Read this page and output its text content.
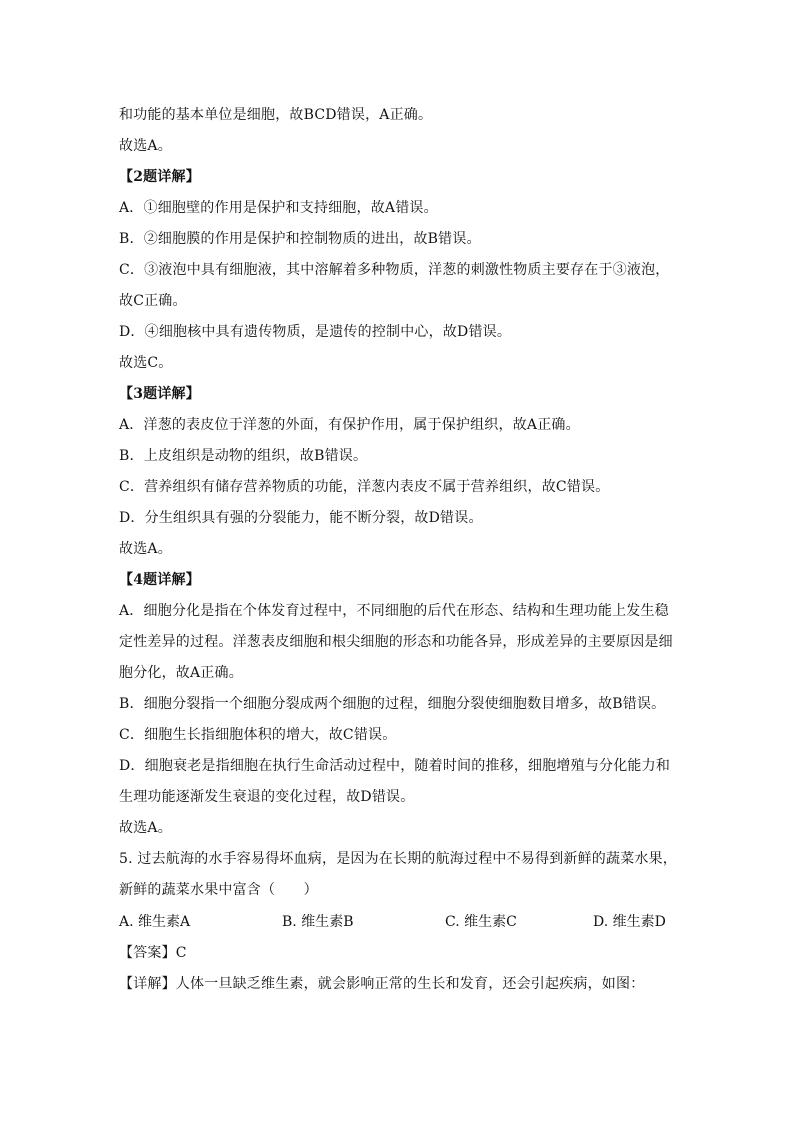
和功能的基本单位是细胞，故BCD错误，A正确。
故选A。
【2题详解】
A．①细胞壁的作用是保护和支持细胞，故A错误。
B．②细胞膜的作用是保护和控制物质的进出，故B错误。
C．③液泡中具有细胞液，其中溶解着多种物质，洋葱的刺激性物质主要存在于③液泡，
故C正确。
D．④细胞核中具有遗传物质，是遗传的控制中心，故D错误。
故选C。
【3题详解】
A．洋葱的表皮位于洋葱的外面，有保护作用，属于保护组织，故A正确。
B．上皮组织是动物的组织，故B错误。
C．营养组织有储存营养物质的功能，洋葱内表皮不属于营养组织，故C错误。
D．分生组织具有强的分裂能力，能不断分裂，故D错误。
故选A。
【4题详解】
A．细胞分化是指在个体发育过程中，不同细胞的后代在形态、结构和生理功能上发生稳
定性差异的过程。洋葱表皮细胞和根尖细胞的形态和功能各异，形成差异的主要原因是细
胞分化，故A正确。
B．细胞分裂指一个细胞分裂成两个细胞的过程，细胞分裂使细胞数目增多，故B错误。
C．细胞生长指细胞体积的增大，故C错误。
D．细胞衰老是指细胞在执行生命活动过程中，随着时间的推移，细胞增殖与分化能力和
生理功能逐渐发生衰退的变化过程，故D错误。
故选A。
5. 过去航海的水手容易得坏血病，是因为在长期的航海过程中不易得到新鲜的蔬菜水果，
新鲜的蔬菜水果中富含（　　）
A. 维生素A	B. 维生素B	C. 维生素C	D. 维生素D
【答案】C
【详解】人体一旦缺乏维生素，就会影响正常的生长和发育，还会引起疾病，如图：
